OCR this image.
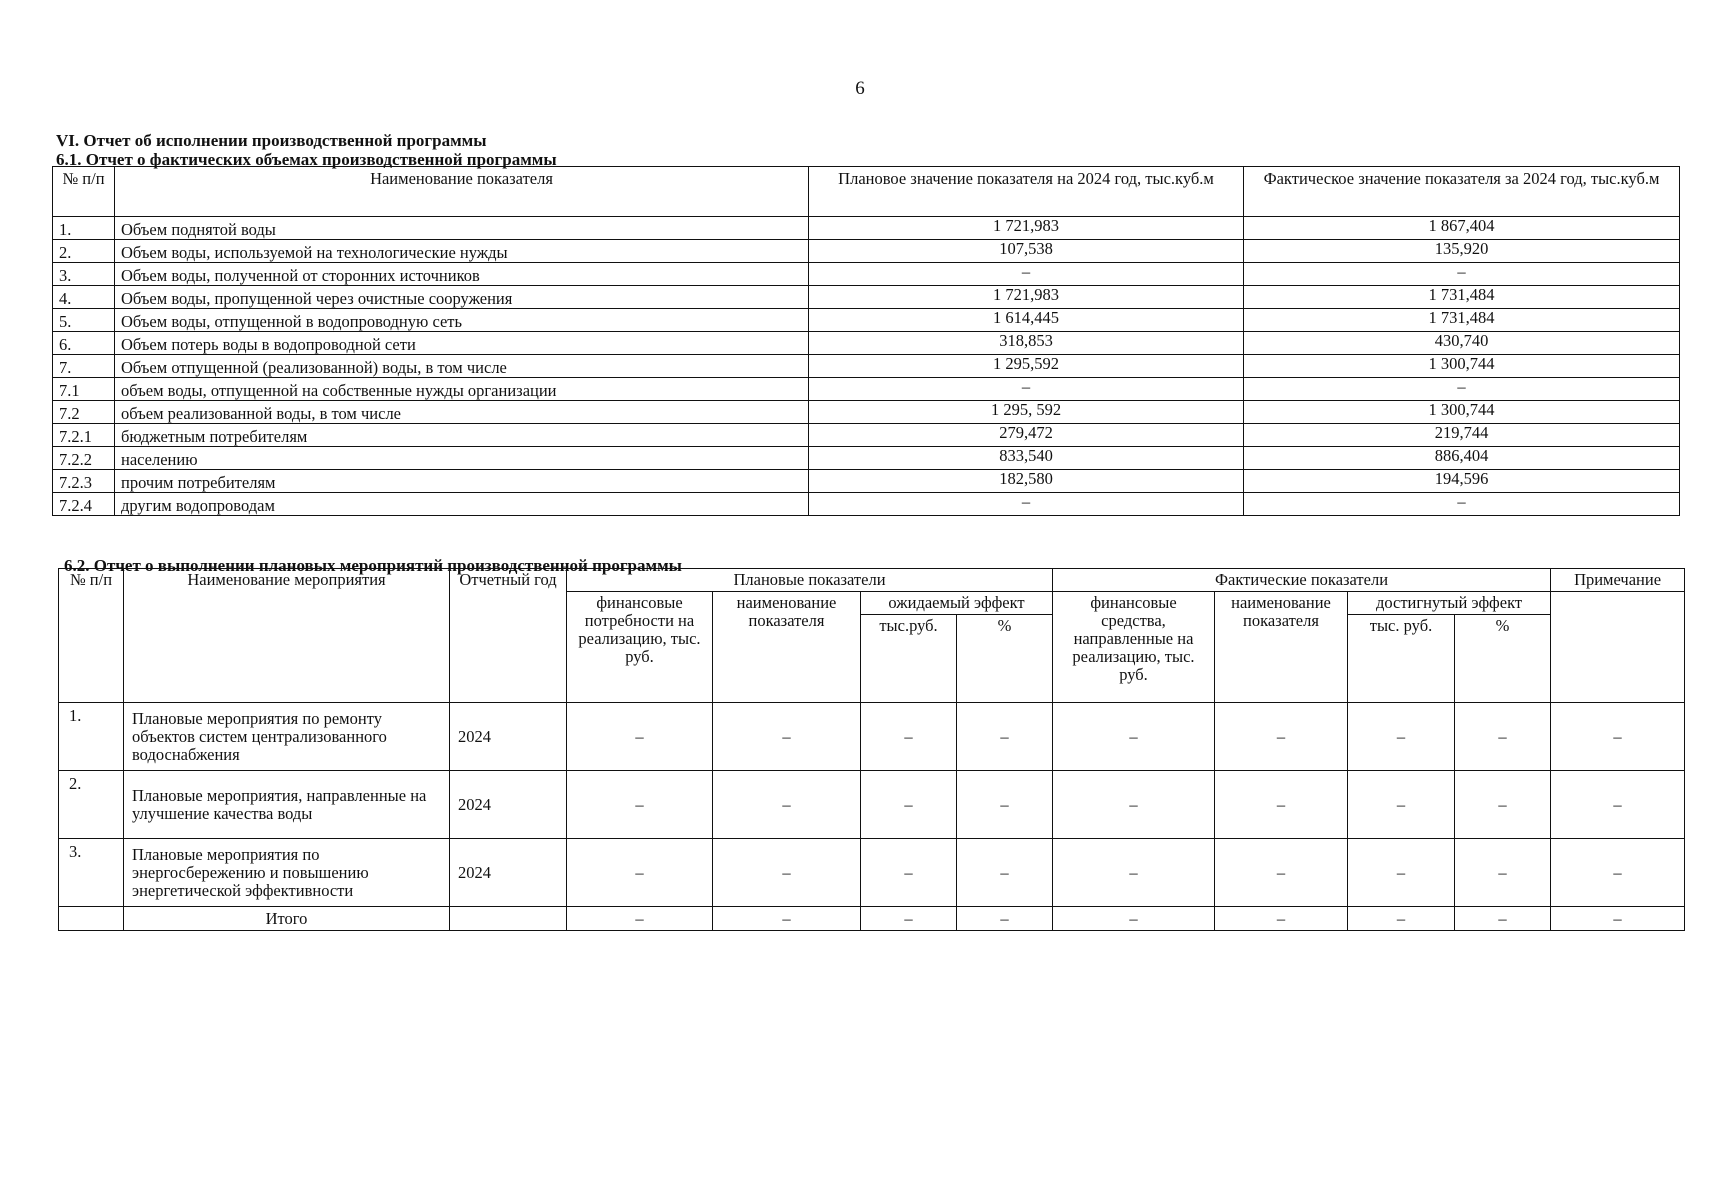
6

VI. Отчет об исполнении производственной программы

6.1. Отчет о фактических объемах производственной программы

№ п/п	Наименование показателя	Плановое значение показателя на 2024 год, тыс.куб.м	Фактическое значение показателя за 2024 год, тыс.куб.м
1.	Объем поднятой воды	1 721,983	1 867,404
2.	Объем воды, используемой на технологические нужды	107,538	135,920
3.	Объем воды, полученной от сторонних источников	–	–
4.	Объем воды, пропущенной через очистные сооружения	1 721,983	1 731,484
5.	Объем воды, отпущенной в водопроводную сеть	1 614,445	1 731,484
6.	Объем потерь воды в водопроводной сети	318,853	430,740
7.	Объем отпущенной (реализованной) воды, в том числе	1 295,592	1 300,744
7.1	объем воды, отпущенной на собственные нужды организации	–	–
7.2	объем реализованной воды, в том числе	1 295, 592	1 300,744
7.2.1	бюджетным потребителям	279,472	219,744
7.2.2	населению	833,540	886,404
7.2.3	прочим потребителям	182,580	194,596
7.2.4	другим водопроводам	–	–

6.2. Отчет о выполнении плановых мероприятий производственной программы

№ п/п	Наименование мероприятия	Отчетный год	Плановые показатели				Фактические показатели				Примечание
			финансовые потребности на реализацию, тыс. руб.	наименование показателя	ожидаемый эффект		финансовые средства, направленные на реализацию, тыс. руб.	наименование показателя	достигнутый эффект		
					тыс.руб.	%			тыс. руб.	%	
1.	Плановые мероприятия по ремонту объектов систем централизованного водоснабжения	2024	–	–	–	–	–	–	–	–	–
2.	Плановые мероприятия, направленные на улучшение качества воды	2024	–	–	–	–	–	–	–	–	–
3.	Плановые мероприятия по энергосбережению и повышению энергетической эффективности	2024	–	–	–	–	–	–	–	–	–
	Итого		–	–	–	–	–	–	–	–	–
